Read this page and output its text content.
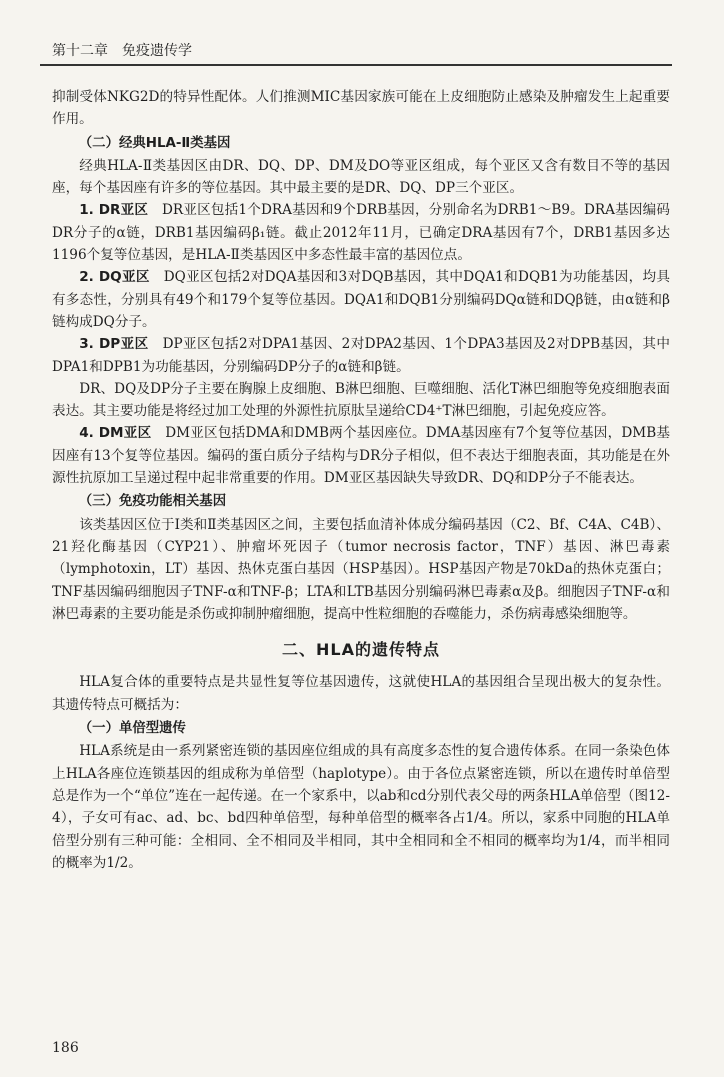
第十二章　免疫遗传学

抑制受体NKG2D的特异性配体。人们推测MIC基因家族可能在上皮细胞防止感染及肿瘤发生上起重要作用。

（二）经典HLA-Ⅱ类基因

经典HLA-Ⅱ类基因区由DR、DQ、DP、DM及DO等亚区组成，每个亚区又含有数目不等的基因座，每个基因座有许多的等位基因。其中最主要的是DR、DQ、DP三个亚区。

1. DR亚区　 DR亚区包括1个DRA基因和9个DRB基因，分别命名为DRB1～B9。DRA基因编码DR分子的α链，DRB1基因编码β₁链。截止2012年11月，已确定DRA基因有7个，DRB1基因多达1196个复等位基因，是HLA-Ⅱ类基因区中多态性最丰富的基因位点。

2. DQ亚区　 DQ亚区包括2对DQA基因和3对DQB基因，其中DQA1和DQB1为功能基因，均具有多态性，分别具有49个和179个复等位基因。DQA1和DQB1分别编码DQα链和DQβ链，由α链和β链构成DQ分子。

3. DP亚区　 DP亚区包括2对DPA1基因、2对DPA2基因、1个DPA3基因及2对DPB基因，其中DPA1和DPB1为功能基因，分别编码DP分子的α链和β链。

DR、DQ及DP分子主要在胸腺上皮细胞、B淋巴细胞、巨噬细胞、活化T淋巴细胞等免疫细胞表面表达。其主要功能是将经过加工处理的外源性抗原肽呈递给CD4⁺T淋巴细胞，引起免疫应答。

4. DM亚区　 DM亚区包括DMA和DMB两个基因座位。DMA基因座有7个复等位基因，DMB基因座有13个复等位基因。编码的蛋白质分子结构与DR分子相似，但不表达于细胞表面，其功能是在外源性抗原加工呈递过程中起非常重要的作用。DM亚区基因缺失导致DR、DQ和DP分子不能表达。

（三）免疫功能相关基因

该类基因区位于Ⅰ类和Ⅱ类基因区之间，主要包括血清补体成分编码基因（C2、Bf、C4A、C4B）、21羟化酶基因（CYP21）、肿瘤坏死因子（tumor necrosis factor，TNF）基因、淋巴毒素（lymphotoxin，LT）基因、热休克蛋白基因（HSP基因）。HSP基因产物是70kDa的热休克蛋白；TNF基因编码细胞因子TNF-α和TNF-β；LTA和LTB基因分别编码淋巴毒素α及β。细胞因子TNF-α和淋巴毒素的主要功能是杀伤或抑制肿瘤细胞，提高中性粒细胞的吞噬能力，杀伤病毒感染细胞等。

二、HLA的遗传特点

HLA复合体的重要特点是共显性复等位基因遗传，这就使HLA的基因组合呈现出极大的复杂性。其遗传特点可概括为：

（一）单倍型遗传

HLA系统是由一系列紧密连锁的基因座位组成的具有高度多态性的复合遗传体系。在同一条染色体上HLA各座位连锁基因的组成称为单倍型（haplotype）。由于各位点紧密连锁，所以在遗传时单倍型总是作为一个“单位”连在一起传递。在一个家系中，以ab和cd分别代表父母的两条HLA单倍型（图12-4），子女可有ac、ad、bc、bd四种单倍型，每种单倍型的概率各占1/4。所以，家系中同胞的HLA单倍型分别有三种可能：全相同、全不相同及半相同，其中全相同和全不相同的概率均为1/4，而半相同的概率为1/2。

186
